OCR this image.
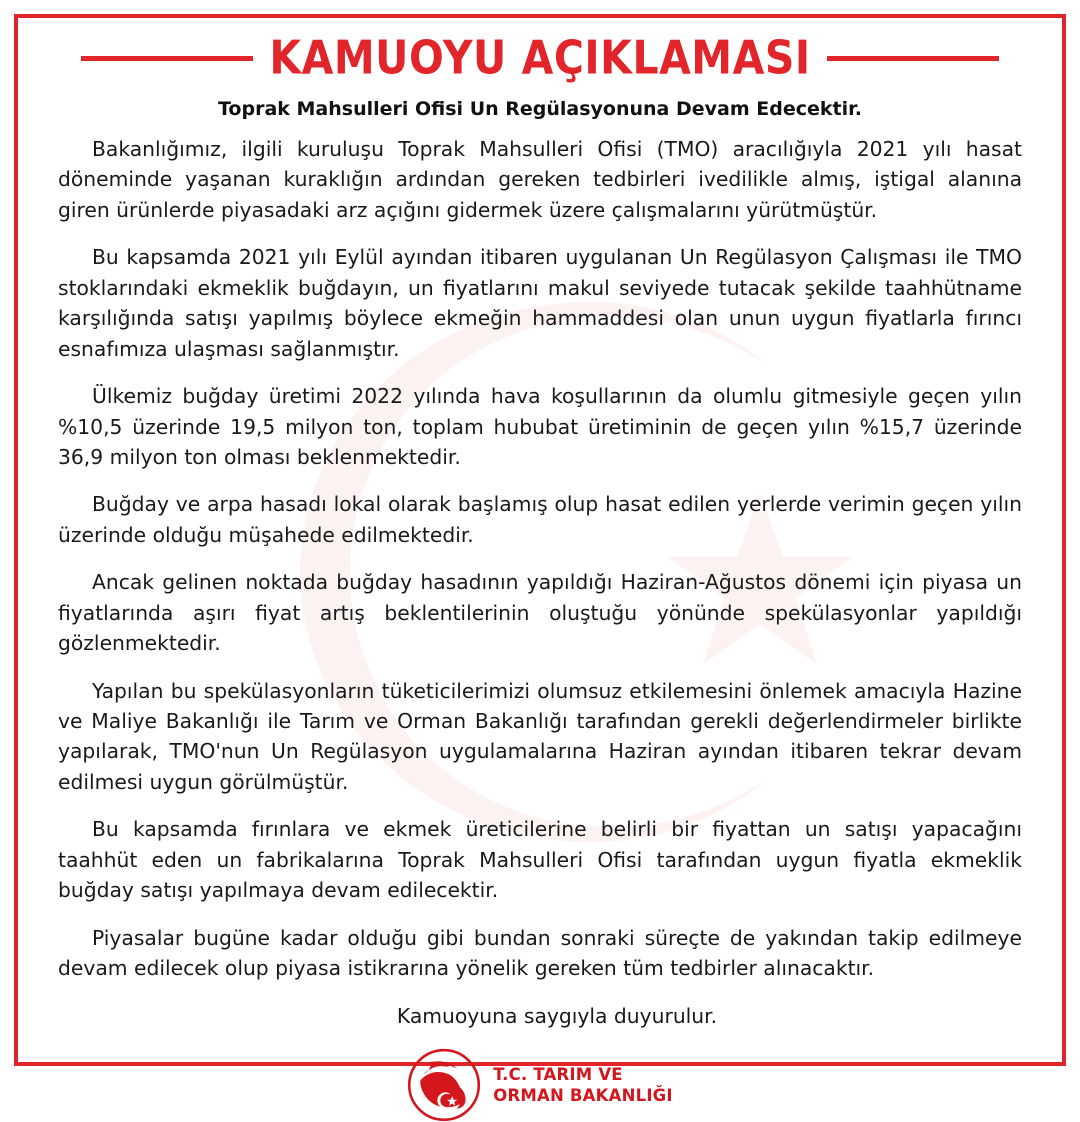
KAMUOYU AÇIKLAMASI
Toprak Mahsulleri Ofisi Un Regülasyonuna Devam Edecektir.

Bakanlığımız, ilgili kuruluşu Toprak Mahsulleri Ofisi (TMO) aracılığıyla 2021 yılı hasat döneminde yaşanan kuraklığın ardından gereken tedbirleri ivedilikle almış, iştigal alanına giren ürünlerde piyasadaki arz açığını gidermek üzere çalışmalarını yürütmüştür.

Bu kapsamda 2021 yılı Eylül ayından itibaren uygulanan Un Regülasyon Çalışması ile TMO stoklarındaki ekmeklik buğdayın, un fiyatlarını makul seviyede tutacak şekilde taahhütname karşılığında satışı yapılmış böylece ekmeğin hammaddesi olan unun uygun fiyatlarla fırıncı esnafımıza ulaşması sağlanmıştır.

Ülkemiz buğday üretimi 2022 yılında hava koşullarının da olumlu gitmesiyle geçen yılın %10,5 üzerinde 19,5 milyon ton, toplam hububat üretiminin de geçen yılın %15,7 üzerinde 36,9 milyon ton olması beklenmektedir.

Buğday ve arpa hasadı lokal olarak başlamış olup hasat edilen yerlerde verimin geçen yılın üzerinde olduğu müşahede edilmektedir.

Ancak gelinen noktada buğday hasadının yapıldığı Haziran-Ağustos dönemi için piyasa un fiyatlarında aşırı fiyat artış beklentilerinin oluştuğu yönünde spekülasyonlar yapıldığı gözlenmektedir.

Yapılan bu spekülasyonların tüketicilerimizi olumsuz etkilemesini önlemek amacıyla Hazine ve Maliye Bakanlığı ile Tarım ve Orman Bakanlığı tarafından gerekli değerlendirmeler birlikte yapılarak, TMO'nun Un Regülasyon uygulamalarına Haziran ayından itibaren tekrar devam edilmesi uygun görülmüştür.

Bu kapsamda fırınlara ve ekmek üreticilerine belirli bir fiyattan un satışı yapacağını taahhüt eden un fabrikalarına Toprak Mahsulleri Ofisi tarafından uygun fiyatla ekmeklik buğday satışı yapılmaya devam edilecektir.

Piyasalar bugüne kadar olduğu gibi bundan sonraki süreçte de yakından takip edilmeye devam edilecek olup piyasa istikrarına yönelik gereken tüm tedbirler alınacaktır.

Kamuoyuna saygıyla duyurulur.

T.C. TARIM VE
ORMAN BAKANLIĞI
